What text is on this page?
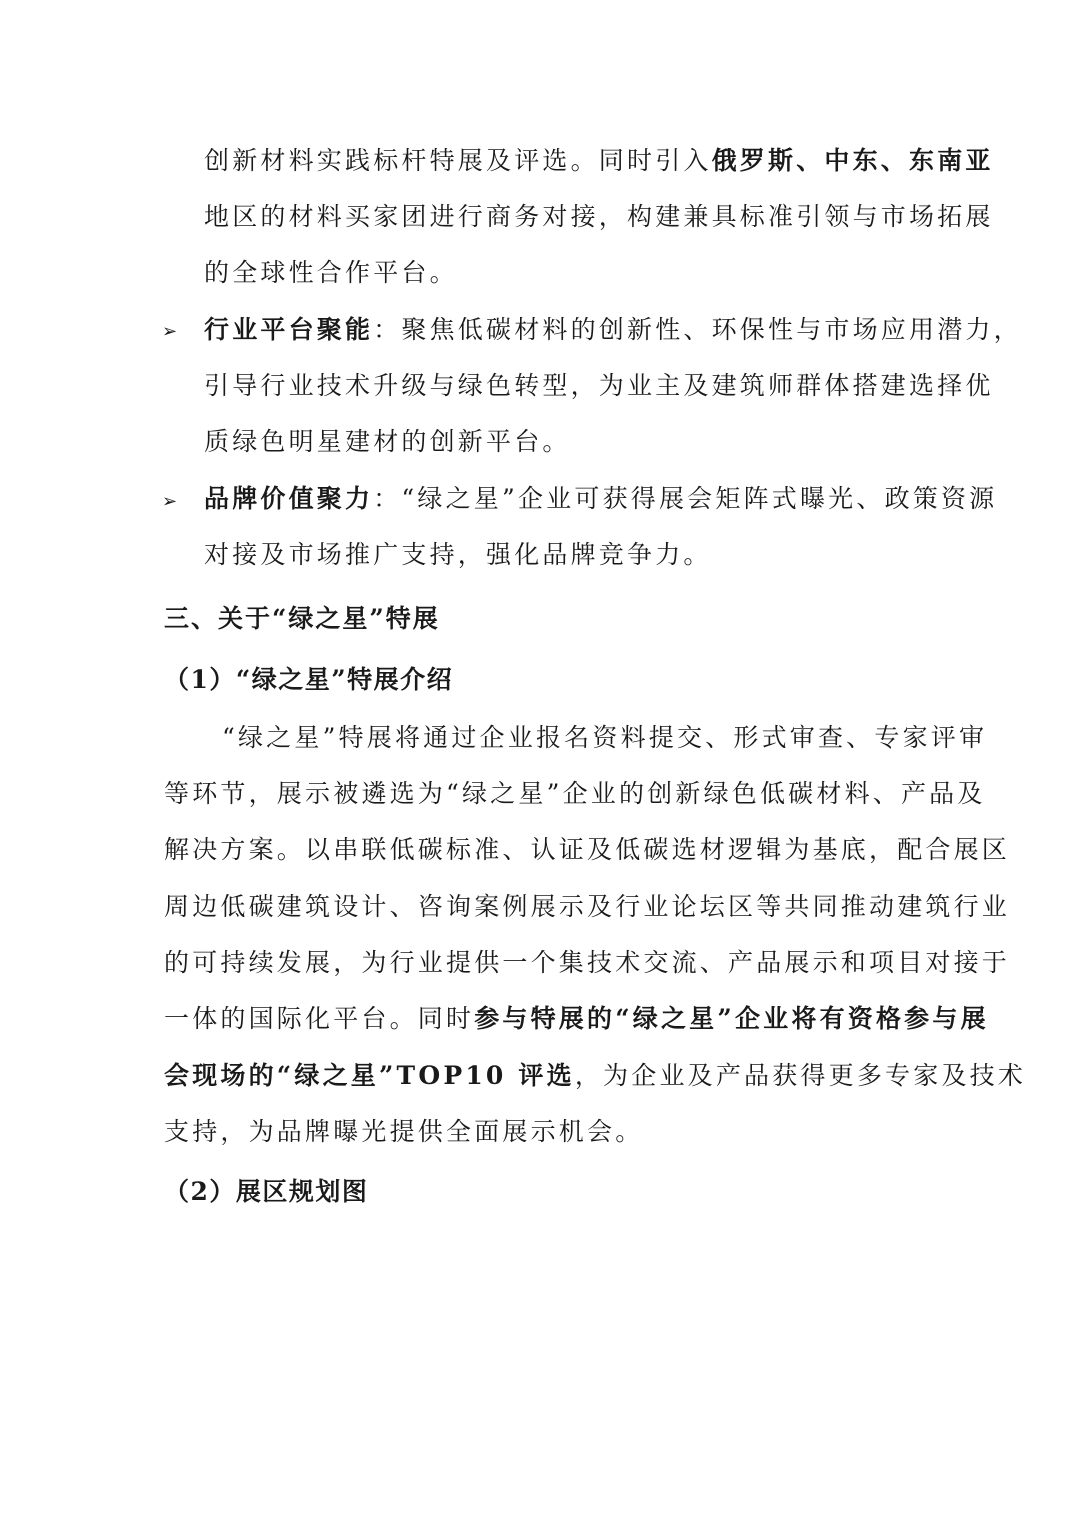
创新材料实践标杆特展及评选。同时引入俄罗斯、中东、东南亚
地区的材料买家团进行商务对接，构建兼具标准引领与市场拓展
的全球性合作平台。
➢ 行业平台聚能：聚焦低碳材料的创新性、环保性与市场应用潜力，
引导行业技术升级与绿色转型，为业主及建筑师群体搭建选择优
质绿色明星建材的创新平台。
➢ 品牌价值聚力：“绿之星”企业可获得展会矩阵式曝光、政策资源
对接及市场推广支持，强化品牌竞争力。
三、关于“绿之星”特展
（1）“绿之星”特展介绍
“绿之星”特展将通过企业报名资料提交、形式审查、专家评审
等环节，展示被遴选为“绿之星”企业的创新绿色低碳材料、产品及
解决方案。以串联低碳标准、认证及低碳选材逻辑为基底，配合展区
周边低碳建筑设计、咨询案例展示及行业论坛区等共同推动建筑行业
的可持续发展，为行业提供一个集技术交流、产品展示和项目对接于
一体的国际化平台。同时参与特展的“绿之星”企业将有资格参与展
会现场的“绿之星”TOP10 评选，为企业及产品获得更多专家及技术
支持，为品牌曝光提供全面展示机会。
（2）展区规划图
